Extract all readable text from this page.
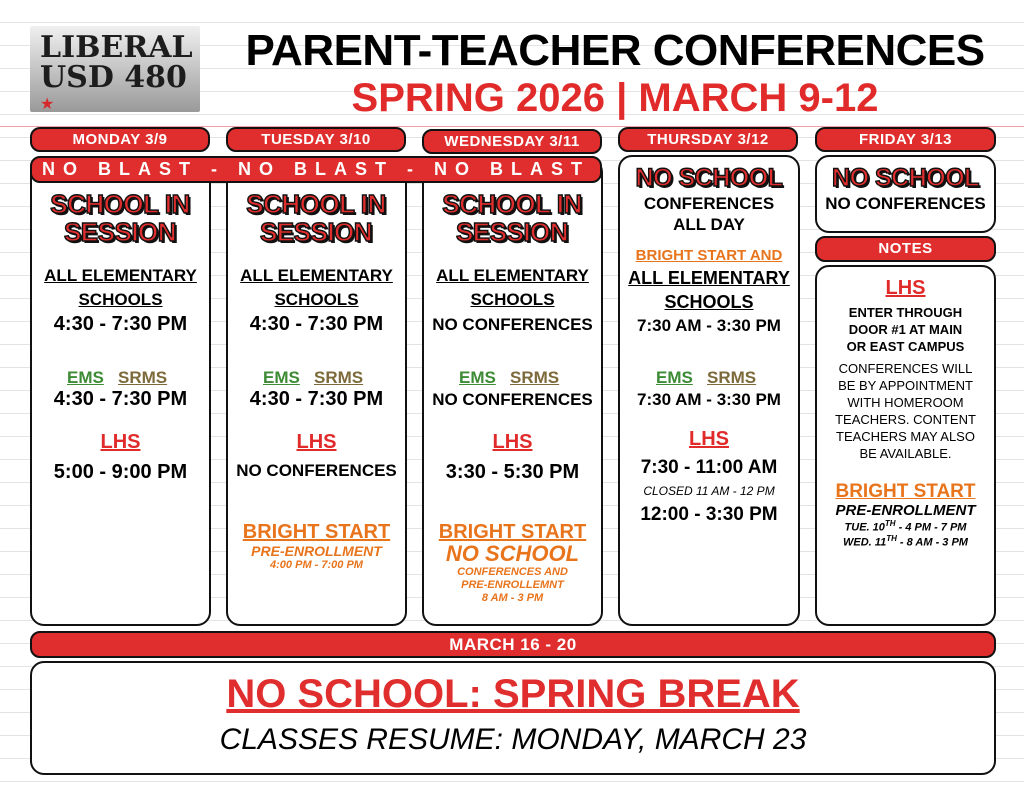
LIBERAL
USD 480
★
PARENT-TEACHER CONFERENCES
SPRING 2026 | MARCH 9-12
MONDAY 3/9	TUESDAY 3/10	WEDNESDAY 3/11	THURSDAY 3/12	FRIDAY 3/13
NO BLAST - NO BLAST - NO BLAST
SCHOOL IN SESSION
ALL ELEMENTARY
SCHOOLS
4:30 - 7:30 PM
EMS SRMS
4:30 - 7:30 PM
LHS
5:00 - 9:00 PM
SCHOOL IN SESSION
ALL ELEMENTARY
SCHOOLS
4:30 - 7:30 PM
EMS SRMS
4:30 - 7:30 PM
LHS
NO CONFERENCES
BRIGHT START
PRE-ENROLLMENT
4:00 PM - 7:00 PM
SCHOOL IN SESSION
ALL ELEMENTARY
SCHOOLS
NO CONFERENCES
EMS SRMS
NO CONFERENCES
LHS
3:30 - 5:30 PM
BRIGHT START
NO SCHOOL
CONFERENCES AND
PRE-ENROLLEMNT
8 AM - 3 PM
NO SCHOOL
CONFERENCES
ALL DAY
BRIGHT START AND
ALL ELEMENTARY
SCHOOLS
7:30 AM - 3:30 PM
EMS SRMS
7:30 AM - 3:30 PM
LHS
7:30 - 11:00 AM
CLOSED 11 AM - 12 PM
12:00 - 3:30 PM
NO SCHOOL
NO CONFERENCES
NOTES
LHS
ENTER THROUGH
DOOR #1 AT MAIN
OR EAST CAMPUS
CONFERENCES WILL
BE BY APPOINTMENT
WITH HOMEROOM
TEACHERS. CONTENT
TEACHERS MAY ALSO
BE AVAILABLE.
BRIGHT START
PRE-ENROLLMENT
TUE. 10TH - 4 PM - 7 PM
WED. 11TH - 8 AM - 3 PM
MARCH 16 - 20
NO SCHOOL: SPRING BREAK
CLASSES RESUME: MONDAY, MARCH 23
